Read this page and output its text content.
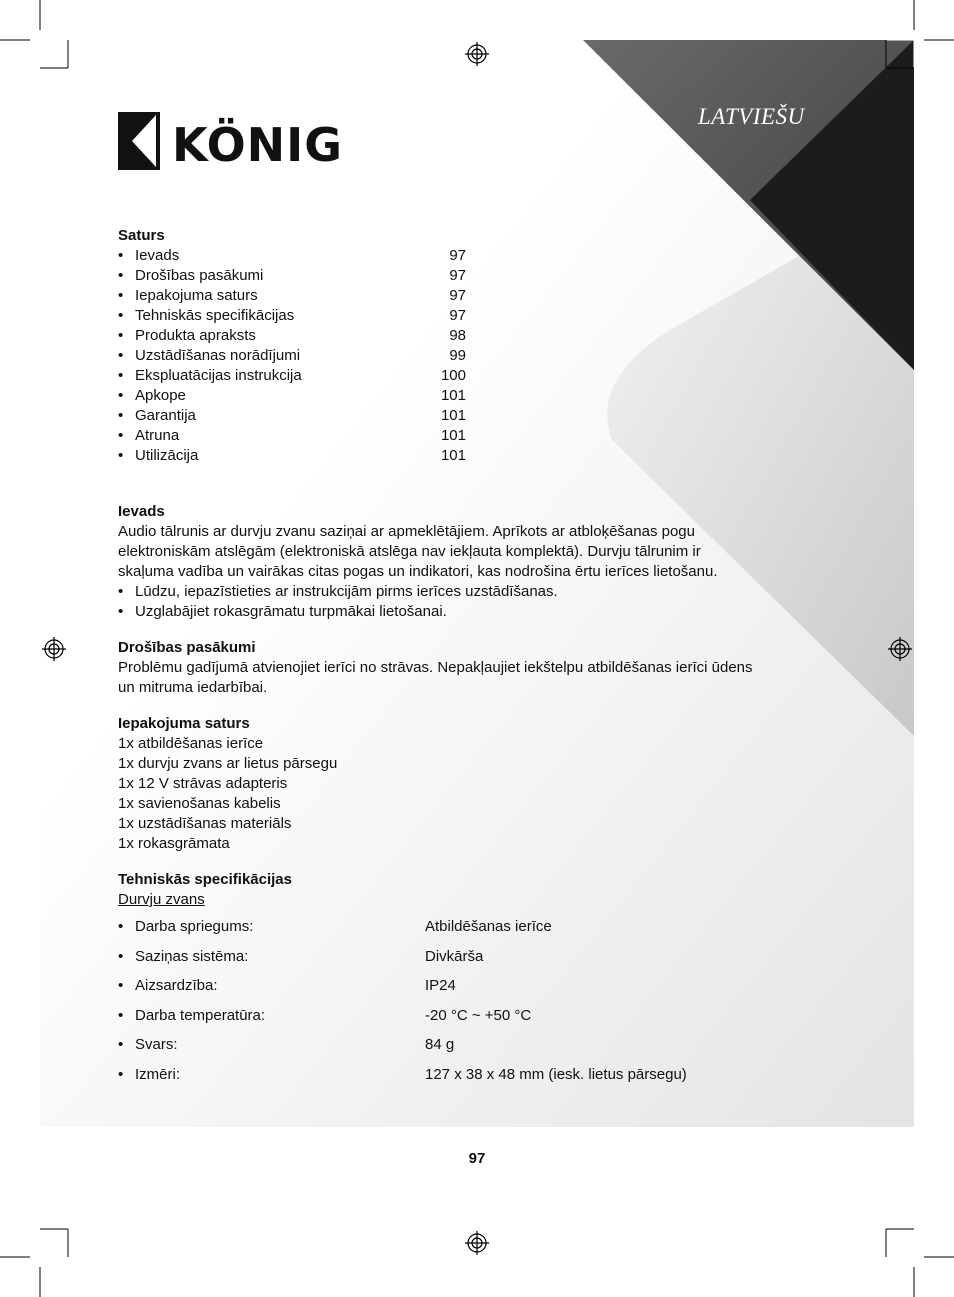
LATVIEŠU
KÖNIG
Saturs
• Ievads	97
• Drošības pasākumi	97
• Iepakojuma saturs	97
• Tehniskās specifikācijas	97
• Produkta apraksts	98
• Uzstādīšanas norādījumi	99
• Ekspluatācijas instrukcija	100
• Apkope	101
• Garantija	101
• Atruna	101
• Utilizācija	101
Ievads
Audio tālrunis ar durvju zvanu saziņai ar apmeklētājiem. Aprīkots ar atbloķēšanas pogu elektroniskām atslēgām (elektroniskā atslēga nav iekļauta komplektā). Durvju tālrunim ir skaļuma vadība un vairākas citas pogas un indikatori, kas nodrošina ērtu ierīces lietošanu.
• Lūdzu, iepazīstieties ar instrukcijām pirms ierīces uzstādīšanas.
• Uzglabājiet rokasgrāmatu turpmākai lietošanai.
Drošības pasākumi
Problēmu gadījumā atvienojiet ierīci no strāvas. Nepakļaujiet iekštelpu atbildēšanas ierīci ūdens un mitruma iedarbībai.
Iepakojuma saturs
1x atbildēšanas ierīce
1x durvju zvans ar lietus pārsegu
1x 12 V strāvas adapteris
1x savienošanas kabelis
1x uzstādīšanas materiāls
1x rokasgrāmata
Tehniskās specifikācijas
Durvju zvans
• Darba spriegums:	Atbildēšanas ierīce
• Saziņas sistēma:	Divkārša
• Aizsardzība:	IP24
• Darba temperatūra:	-20 °C ~ +50 °C
• Svars:	84 g
• Izmēri:	127 x 38 x 48 mm (iesk. lietus pārsegu)
97
